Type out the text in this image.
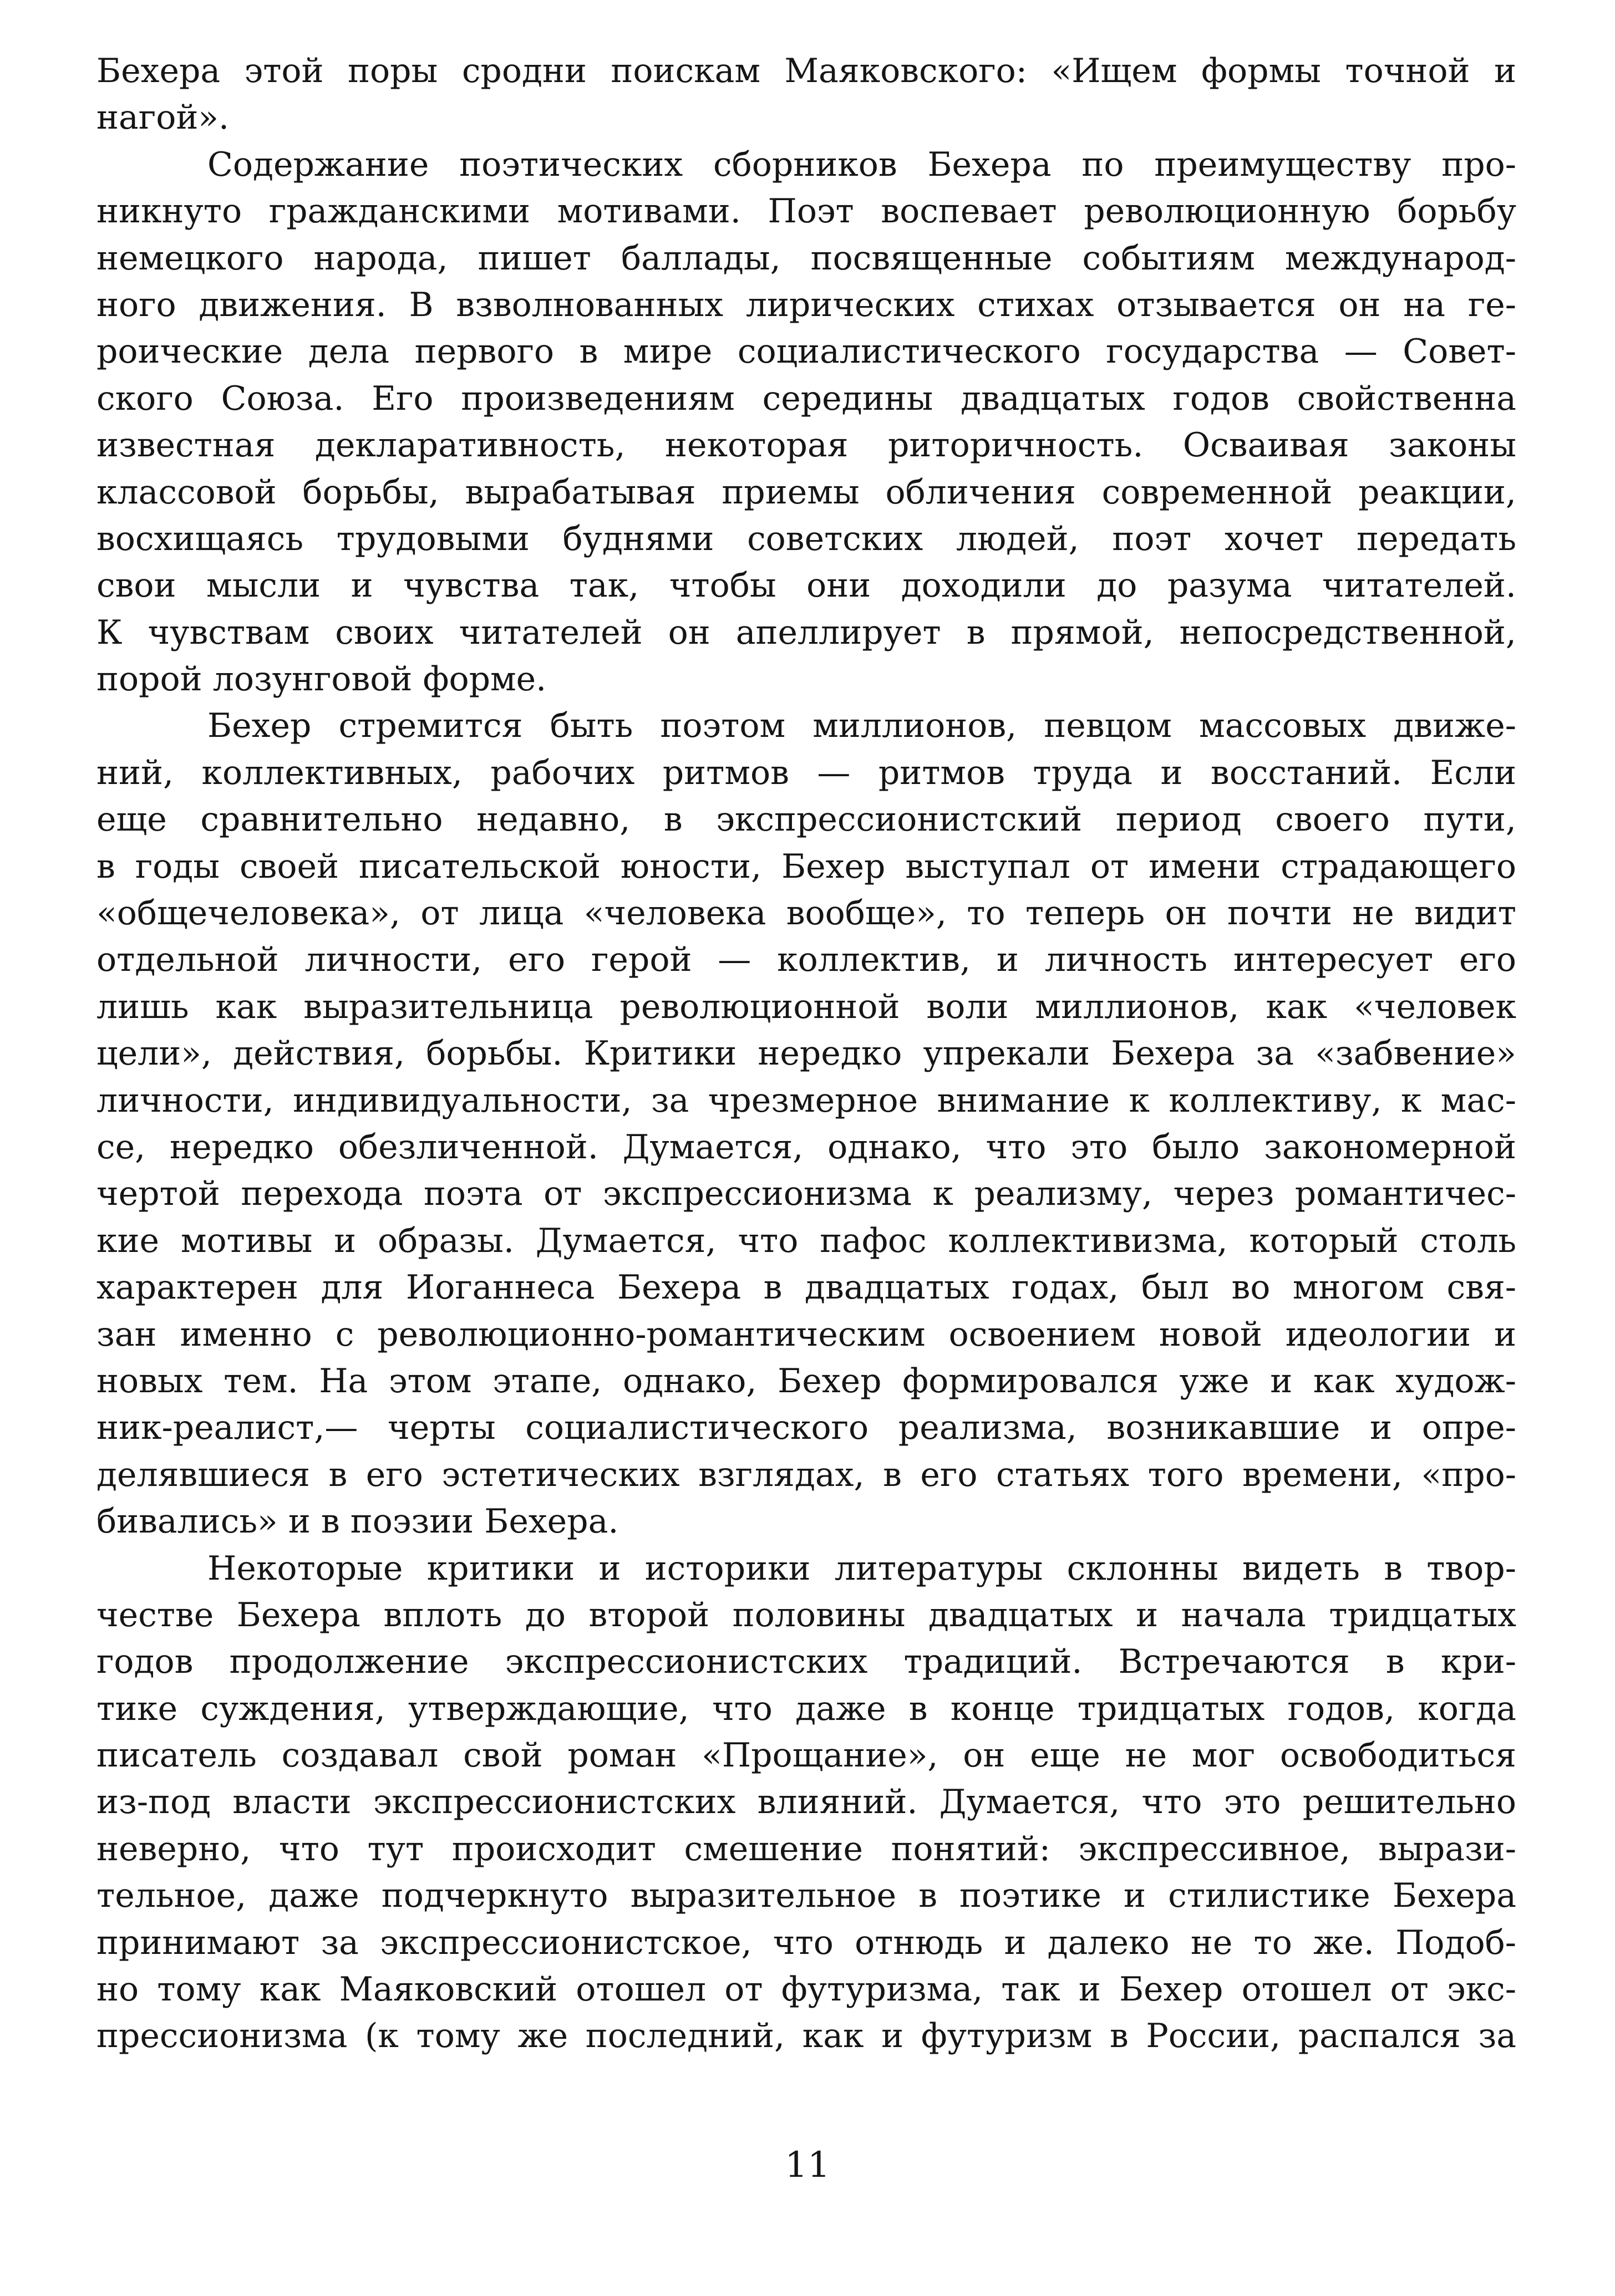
Бехера этой поры сродни поискам Маяковского: «Ищем формы точной и
нагой».
Содержание поэтических сборников Бехера по преимуществу про-
никнуто гражданскими мотивами. Поэт воспевает революционную борьбу
немецкого народа, пишет баллады, посвященные событиям международ-
ного движения. В взволнованных лирических стихах отзывается он на ге-
роические дела первого в мире социалистического государства — Совет-
ского Союза. Его произведениям середины двадцатых годов свойственна
известная декларативность, некоторая риторичность. Осваивая законы
классовой борьбы, вырабатывая приемы обличения современной реакции,
восхищаясь трудовыми буднями советских людей, поэт хочет передать
свои мысли и чувства так, чтобы они доходили до разума читателей.
К чувствам своих читателей он апеллирует в прямой, непосредственной,
порой лозунговой форме.
Бехер стремится быть поэтом миллионов, певцом массовых движе-
ний, коллективных, рабочих ритмов — ритмов труда и восстаний. Если
еще сравнительно недавно, в экспрессионистский период своего пути,
в годы своей писательской юности, Бехер выступал от имени страдающего
«общечеловека», от лица «человека вообще», то теперь он почти не видит
отдельной личности, его герой — коллектив, и личность интересует его
лишь как выразительница революционной воли миллионов, как «человек
цели», действия, борьбы. Критики нередко упрекали Бехера за «забвение»
личности, индивидуальности, за чрезмерное внимание к коллективу, к мас-
се, нередко обезличенной. Думается, однако, что это было закономерной
чертой перехода поэта от экспрессионизма к реализму, через романтичес-
кие мотивы и образы. Думается, что пафос коллективизма, который столь
характерен для Иоганнеса Бехера в двадцатых годах, был во многом свя-
зан именно с революционно-романтическим освоением новой идеологии и
новых тем. На этом этапе, однако, Бехер формировался уже и как худож-
ник-реалист,— черты социалистического реализма, возникавшие и опре-
делявшиеся в его эстетических взглядах, в его статьях того времени, «про-
бивались» и в поэзии Бехера.
Некоторые критики и историки литературы склонны видеть в твор-
честве Бехера вплоть до второй половины двадцатых и начала тридцатых
годов продолжение экспрессионистских традиций. Встречаются в кри-
тике суждения, утверждающие, что даже в конце тридцатых годов, когда
писатель создавал свой роман «Прощание», он еще не мог освободиться
из-под власти экспрессионистских влияний. Думается, что это решительно
неверно, что тут происходит смешение понятий: экспрессивное, вырази-
тельное, даже подчеркнуто выразительное в поэтике и стилистике Бехера
принимают за экспрессионистское, что отнюдь и далеко не то же. Подоб-
но тому как Маяковский отошел от футуризма, так и Бехер отошел от экс-
прессионизма (к тому же последний, как и футуризм в России, распался за
11
